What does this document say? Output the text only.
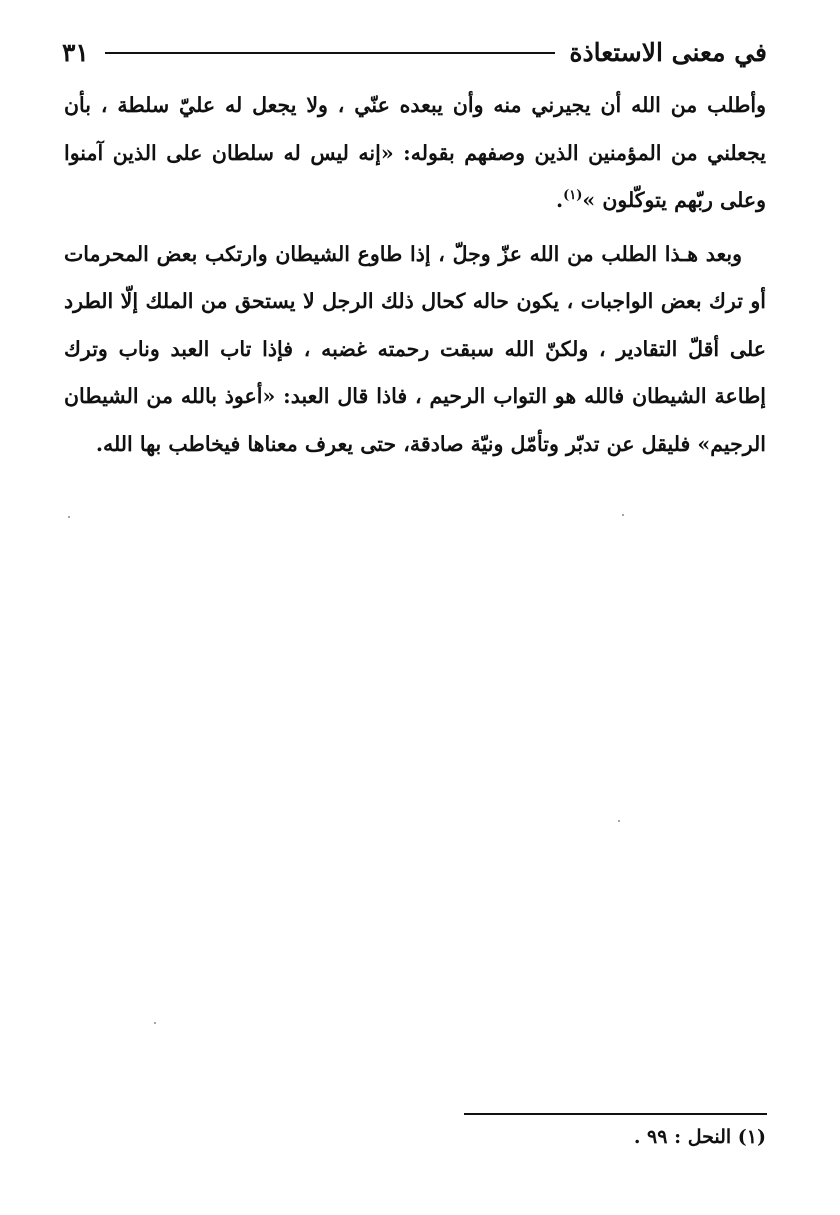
في معنى الاستعاذة
٣١

وأطلب من الله أن يجيرني منه وأن يبعده عنّي ، ولا يجعل له عليّ سلطة ، بأن يجعلني من المؤمنين الذين وصفهم بقوله: «إنه ليس له سلطان على الذين آمنوا وعلى ربّهم يتوكّلون »$^{(١)}$.

وبعد هـذا الطلب من الله عزّ وجلّ ، إذا طاوع الشيطان وارتكب بعض المحرمات أو ترك بعض الواجبات ، يكون حاله كحال ذلك الرجل لا يستحق من الملك إلّا الطرد على أقلّ التقادير ، ولكنّ الله سبقت رحمته غضبه ، فإذا تاب العبد وناب وترك إطاعة الشيطان فالله هو التواب الرحيم ، فاذا قال العبد: «أعوذ بالله من الشيطان الرجيم» فليقل عن تدبّر وتأمّل ونيّة صادقة، حتى يعرف معناها فيخاطب بها الله.

(١) النحل : ٩٩ .
